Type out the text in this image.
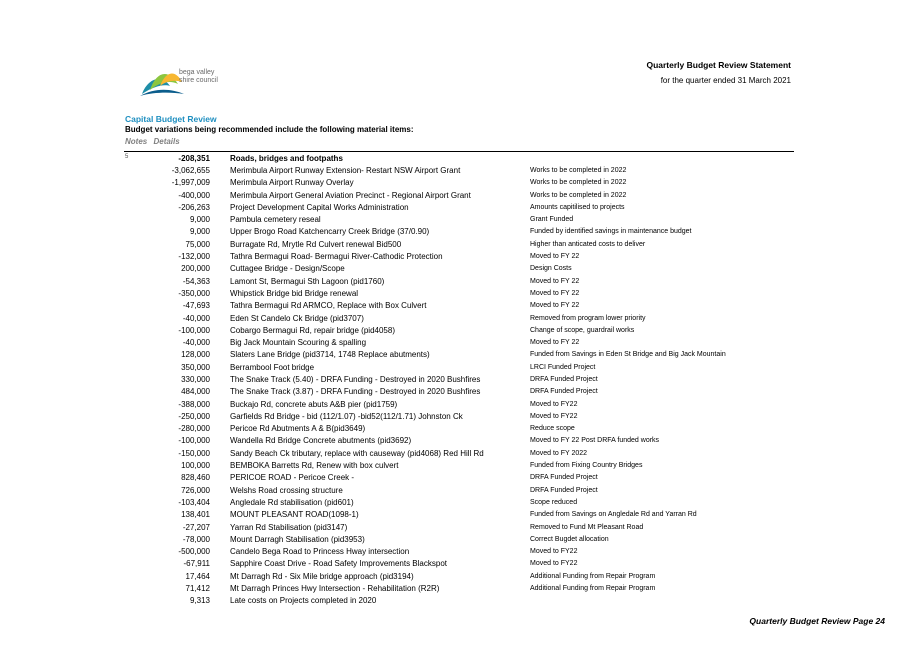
bega valley
shire council
Quarterly Budget Review Statement
for the quarter ended 31 March 2021
Capital Budget Review
Budget variations being recommended include the following material items:
Notes Details
5	-208,351	Roads, bridges and footpaths	
-3,062,655	Merimbula Airport Runway Extension- Restart NSW Airport Grant	Works to be completed in 2022
-1,997,009	Merimbula Airport Runway Overlay	Works to be completed in 2022
-400,000	Merimbula Airport General Aviation Precinct - Regional Airport Grant	Works to be completed in 2022
-206,263	Project Development Capital Works Administration	Amounts capitilised to projects
9,000	Pambula cemetery reseal	Grant Funded
9,000	Upper Brogo Road Katchencarry Creek Bridge (37/0.90)	Funded by identified savings in maintenance budget
75,000	Burragate Rd, Mrytle Rd Culvert renewal Bid500	Higher than anticated costs to deliver
-132,000	Tathra Bermagui Road- Bermagui River-Cathodic Protection	Moved to FY 22
200,000	Cuttagee Bridge - Design/Scope	Design Costs
-54,363	Lamont St, Bermagui Sth Lagoon (pid1760)	Moved to FY 22
-350,000	Whipstick Bridge bid Bridge renewal	Moved to FY 22
-47,693	Tathra Bermagui Rd ARMCO, Replace with Box Culvert	Moved to FY 22
-40,000	Eden St Candelo Ck Bridge (pid3707)	Removed from program lower priority
-100,000	Cobargo Bermagui Rd, repair bridge (pid4058)	Change of scope, guardrail works
-40,000	Big Jack Mountain Scouring & spalling	Moved to FY 22
128,000	Slaters Lane Bridge (pid3714, 1748 Replace abutments)	Funded from Savings in Eden St Bridge and Big Jack Mountain
350,000	Berrambool Foot bridge	LRCI Funded Project
330,000	The Snake Track (5.40) - DRFA Funding - Destroyed in 2020 Bushfires	DRFA Funded Project
484,000	The Snake Track (3.87) - DRFA Funding - Destroyed in 2020 Bushfires	DRFA Funded Project
-388,000	Buckajo Rd, concrete abuts A&B pier (pid1759)	Moved to FY22
-250,000	Garfields Rd Bridge - bid (112/1.07) -bid52(112/1.71) Johnston Ck	Moved to FY22
-280,000	Pericoe Rd Abutments A & B(pid3649)	Reduce scope
-100,000	Wandella Rd Bridge Concrete abutments (pid3692)	Moved to FY 22 Post DRFA funded works
-150,000	Sandy Beach Ck tributary, replace with causeway (pid4068) Red Hill Rd	Moved to FY 2022
100,000	BEMBOKA Barretts Rd, Renew with box culvert	Funded from Fixing Country Bridges
828,460	PERICOE ROAD - Pericoe Creek -	DRFA Funded Project
726,000	Welshs Road crossing structure	DRFA Funded Project
-103,404	Angledale Rd stabilisation (pid601)	Scope reduced
138,401	MOUNT PLEASANT ROAD(1098-1)	Funded from Savings on Angledale Rd and Yarran Rd
-27,207	Yarran Rd Stabilisation (pid3147)	Removed to Fund Mt Pleasant Road
-78,000	Mount Darragh Stabilisation (pid3953)	Correct Bugdet allocation
-500,000	Candelo Bega Road to Princess Hway intersection	Moved to FY22
-67,911	Sapphire Coast Drive - Road Safety Improvements Blackspot	Moved to FY22
17,464	Mt Darragh Rd - Six Mile bridge approach (pid3194)	Additional Funding from Repair Program
71,412	Mt Darragh Princes Hwy Intersection - Rehabilitation (R2R)	Additional Funding from Repair Program
9,313	Late costs on Projects completed in 2020	
Quarterly Budget Review Page 24
